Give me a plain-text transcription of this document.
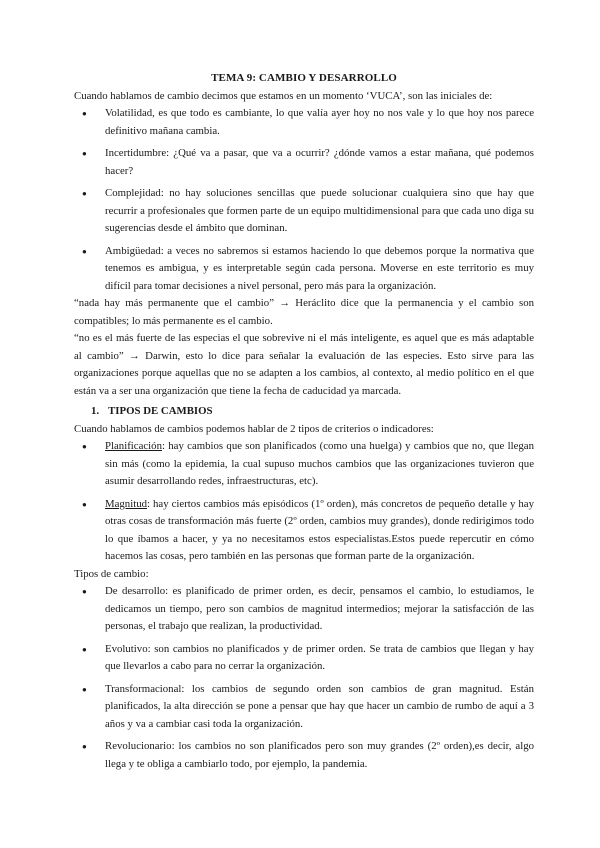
TEMA 9: CAMBIO Y DESARROLLO

Cuando hablamos de cambio decimos que estamos en un momento ‘VUCA’, son las iniciales de:

● Volatilidad, es que todo es cambiante, lo que valía ayer hoy no nos vale y lo que hoy nos parece definitivo mañana cambia.
● Incertidumbre: ¿Qué va a pasar, que va a ocurrir? ¿dónde vamos a estar mañana, qué podemos hacer?
● Complejidad: no hay soluciones sencillas que puede solucionar cualquiera sino que hay que recurrir a profesionales que formen parte de un equipo multidimensional para que cada uno diga su sugerencias desde el ámbito que dominan.
● Ambigüedad: a veces no sabremos si estamos haciendo lo que debemos porque la normativa que tenemos es ambigua, y es interpretable según cada persona. Moverse en este territorio es muy difícil para tomar decisiones a nivel personal, pero más para la organización.

“nada hay más permanente que el cambio” → Heráclito dice que la permanencia y el cambio son compatibles; lo más permanente es el cambio.

“no es el más fuerte de las especias el que sobrevive ni el más inteligente, es aquel que es más adaptable al cambio” → Darwin, esto lo dice para señalar la evaluación de las especies. Esto sirve para las organizaciones porque aquellas que no se adapten a los cambios, al contexto, al medio político en el que están va a ser una organización que tiene la fecha de caducidad ya marcada.

1. TIPOS DE CAMBIOS

Cuando hablamos de cambios podemos hablar de 2 tipos de criterios o indicadores:

● Planificación: hay cambios que son planificados (como una huelga) y cambios que no, que llegan sin más (como la epidemia, la cual supuso muchos cambios que las organizaciones tuvieron que asumir desarrollando redes, infraestructuras, etc).
● Magnitud: hay ciertos cambios más episódicos (1º orden), más concretos de pequeño detalle y hay otras cosas de transformación más fuerte (2º orden, cambios muy grandes), donde redirigimos todo lo que íbamos a hacer, y ya no necesitamos estos especialistas.Estos puede repercutir en cómo hacemos las cosas, pero también en las personas que forman parte de la organización.

Tipos de cambio:

● De desarrollo: es planificado de primer orden, es decir, pensamos el cambio, lo estudiamos, le dedicamos un tiempo, pero son cambios de magnitud intermedios; mejorar la satisfacción de las personas, el trabajo que realizan, la productividad.
● Evolutivo: son cambios no planificados y de primer orden. Se trata de cambios que llegan y hay que llevarlos a cabo para no cerrar la organización.
● Transformacional: los cambios de segundo orden son cambios de gran magnitud. Están planificados, la alta dirección se pone a pensar que hay que hacer un cambio de rumbo de aquí a 3 años y va a cambiar casi toda la organización.
● Revolucionario: los cambios no son planificados pero son muy grandes (2º orden),es decir, algo llega y te obliga a cambiarlo todo, por ejemplo, la pandemia.
